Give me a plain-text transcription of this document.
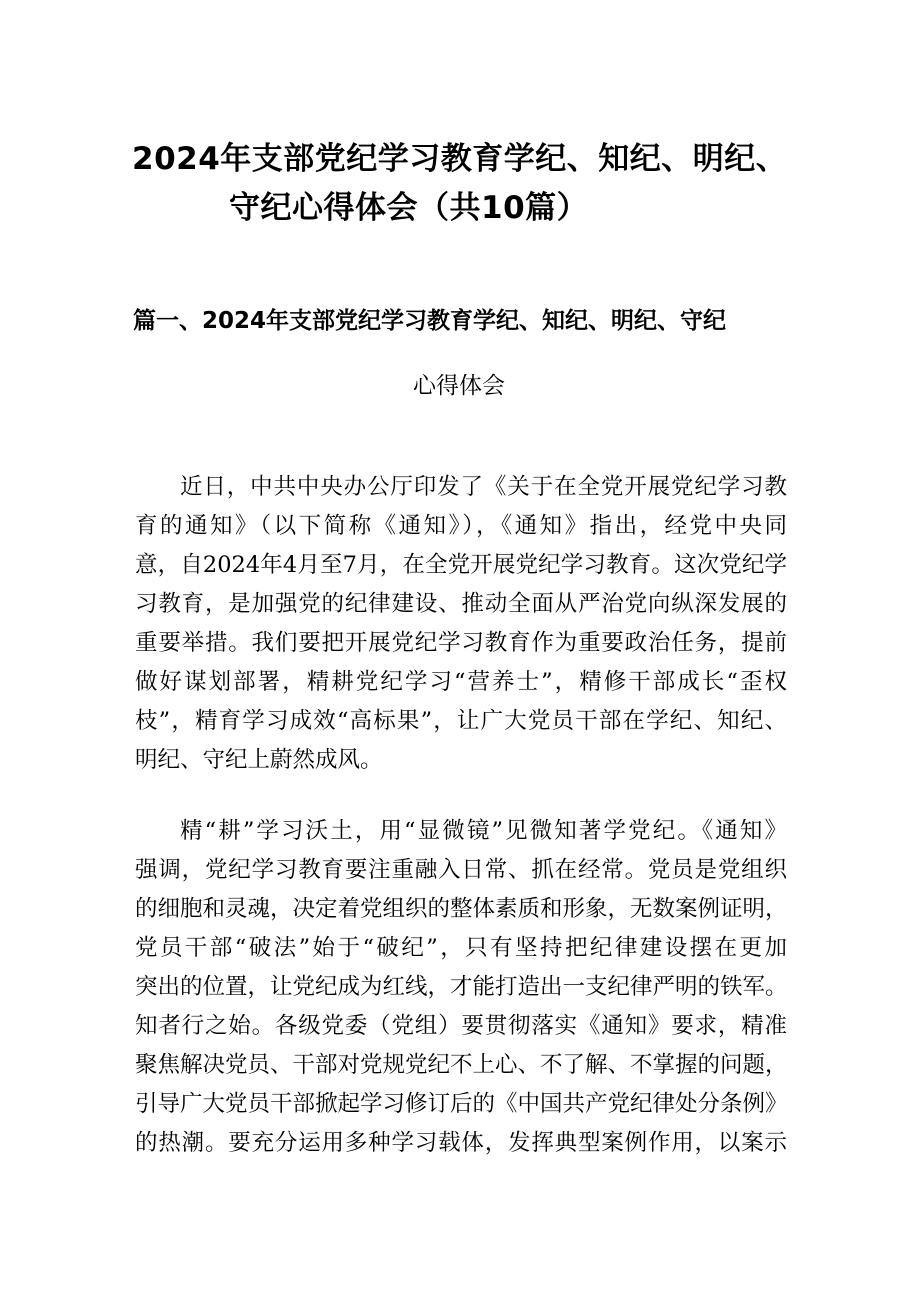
2024年支部党纪学习教育学纪、知纪、明纪、
守纪心得体会（共10篇）
篇一、2024年支部党纪学习教育学纪、知纪、明纪、守纪
心得体会
近日，中共中央办公厅印发了《关于在全党开展党纪学习教
育的通知》（以下简称《通知》），《通知》指出，经党中央同
意，自2024年4月至7月，在全党开展党纪学习教育。这次党纪学
习教育，是加强党的纪律建设、推动全面从严治党向纵深发展的
重要举措。我们要把开展党纪学习教育作为重要政治任务，提前
做好谋划部署，精耕党纪学习“营养士”，精修干部成长“歪权
枝”，精育学习成效“高标果”，让广大党员干部在学纪、知纪、
明纪、守纪上蔚然成风。
精“耕”学习沃土，用“显微镜”见微知著学党纪。《通知》
强调，党纪学习教育要注重融入日常、抓在经常。党员是党组织
的细胞和灵魂，决定着党组织的整体素质和形象，无数案例证明，
党员干部“破法”始于“破纪”，只有坚持把纪律建设摆在更加
突出的位置，让党纪成为红线，才能打造出一支纪律严明的铁军。
知者行之始。各级党委（党组）要贯彻落实《通知》要求，精准
聚焦解决党员、干部对党规党纪不上心、不了解、不掌握的问题，
引导广大党员干部掀起学习修订后的《中国共产党纪律处分条例》
的热潮。要充分运用多种学习载体，发挥典型案例作用，以案示
